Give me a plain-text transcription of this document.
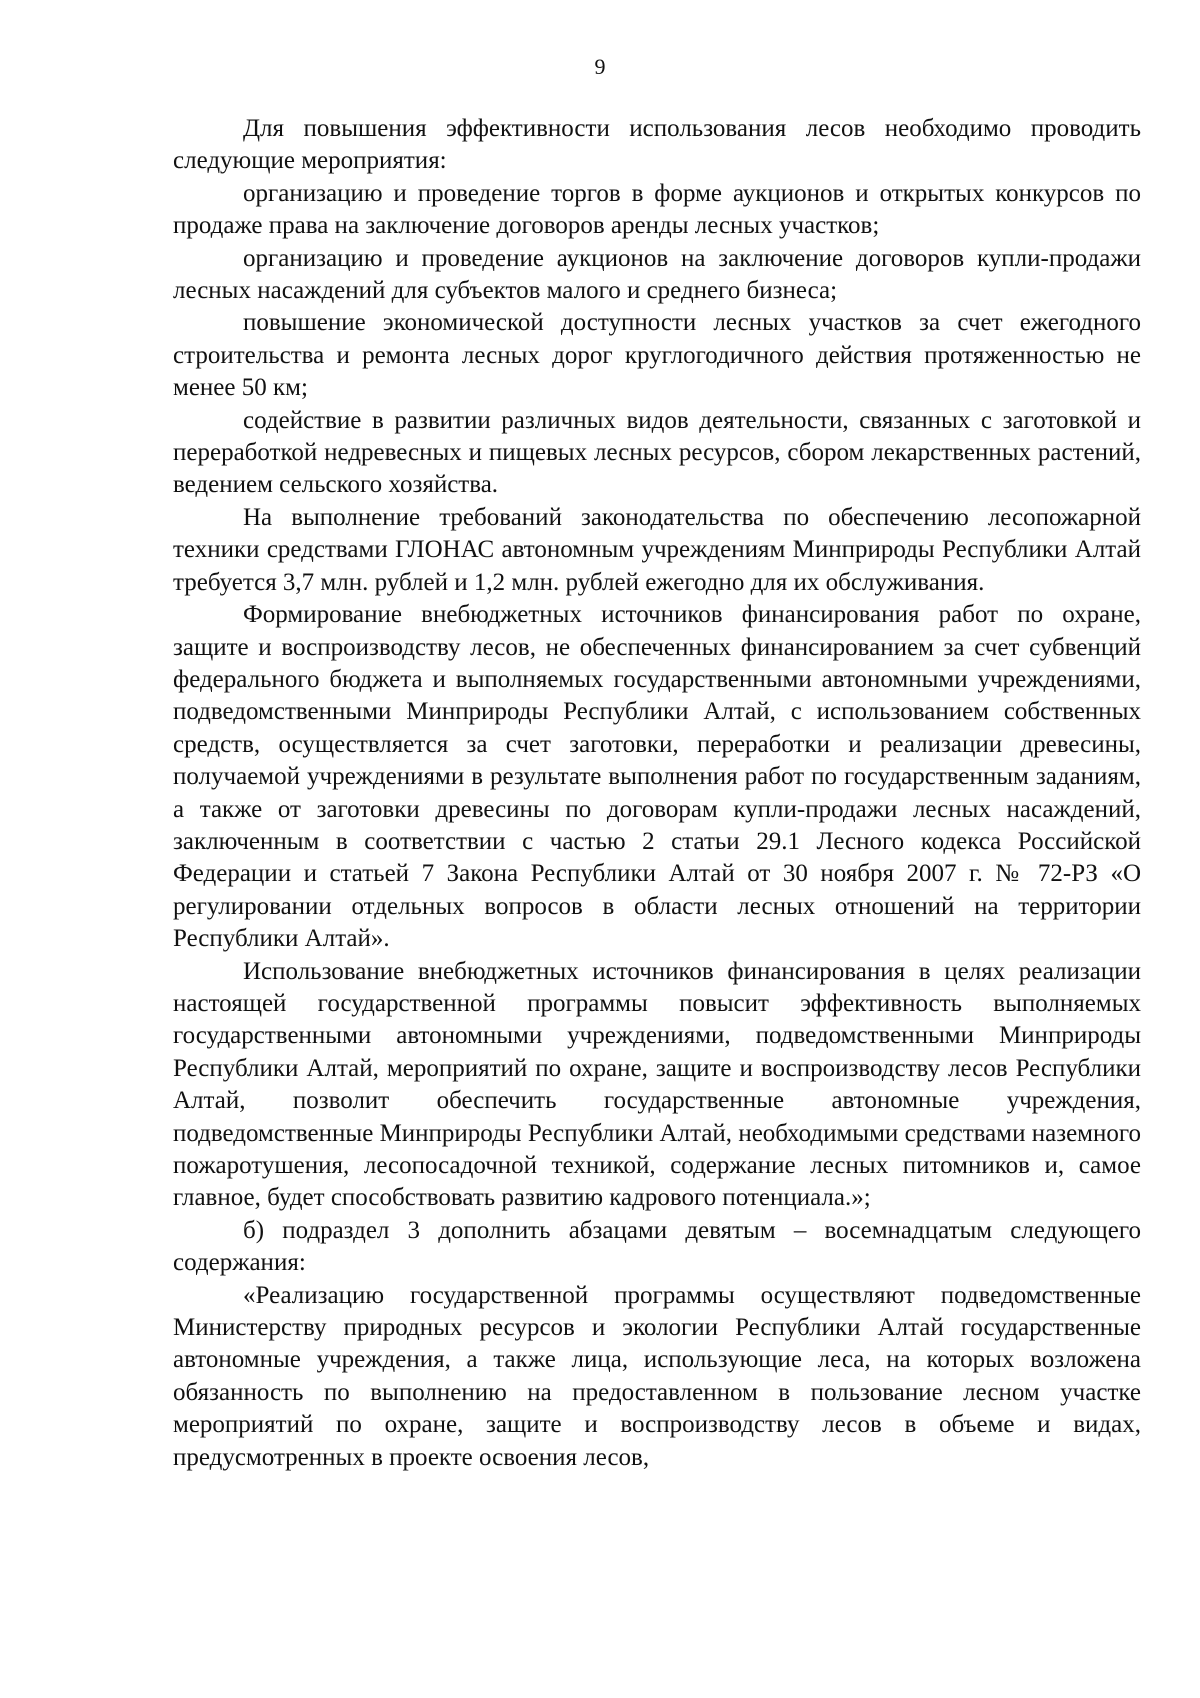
9

Для повышения эффективности использования лесов необходимо проводить следующие мероприятия:

организацию и проведение торгов в форме аукционов и открытых конкурсов по продаже права на заключение договоров аренды лесных участков;

организацию и проведение аукционов на заключение договоров купли-продажи лесных насаждений для субъектов малого и среднего бизнеса;

повышение экономической доступности лесных участков за счет ежегодного строительства и ремонта лесных дорог круглогодичного действия протяженностью не менее 50 км;

содействие в развитии различных видов деятельности, связанных с заготовкой и переработкой недревесных и пищевых лесных ресурсов, сбором лекарственных растений, ведением сельского хозяйства.

На выполнение требований законодательства по обеспечению лесопожарной техники средствами ГЛОНАС автономным учреждениям Минприроды Республики Алтай требуется 3,7 млн. рублей и 1,2 млн. рублей ежегодно для их обслуживания.

Формирование внебюджетных источников финансирования работ по охране, защите и воспроизводству лесов, не обеспеченных финансированием за счет субвенций федерального бюджета и выполняемых государственными автономными учреждениями, подведомственными Минприроды Республики Алтай, с использованием собственных средств, осуществляется за счет заготовки, переработки и реализации древесины, получаемой учреждениями в результате выполнения работ по государственным заданиям, а также от заготовки древесины по договорам купли-продажи лесных насаждений, заключенным в соответствии с частью 2 статьи 29.1 Лесного кодекса Российской Федерации и статьей 7 Закона Республики Алтай от 30 ноября 2007 г. № 72-РЗ «О регулировании отдельных вопросов в области лесных отношений на территории Республики Алтай».

Использование внебюджетных источников финансирования в целях реализации настоящей государственной программы повысит эффективность выполняемых государственными автономными учреждениями, подведомственными Минприроды Республики Алтай, мероприятий по охране, защите и воспроизводству лесов Республики Алтай, позволит обеспечить государственные автономные учреждения, подведомственные Минприроды Республики Алтай, необходимыми средствами наземного пожаротушения, лесопосадочной техникой, содержание лесных питомников и, самое главное, будет способствовать развитию кадрового потенциала.»;

б) подраздел 3 дополнить абзацами девятым – восемнадцатым следующего содержания:

«Реализацию государственной программы осуществляют подведомственные Министерству природных ресурсов и экологии Республики Алтай государственные автономные учреждения, а также лица, использующие леса, на которых возложена обязанность по выполнению на предоставленном в пользование лесном участке мероприятий по охране, защите и воспроизводству лесов в объеме и видах, предусмотренных в проекте освоения лесов,
